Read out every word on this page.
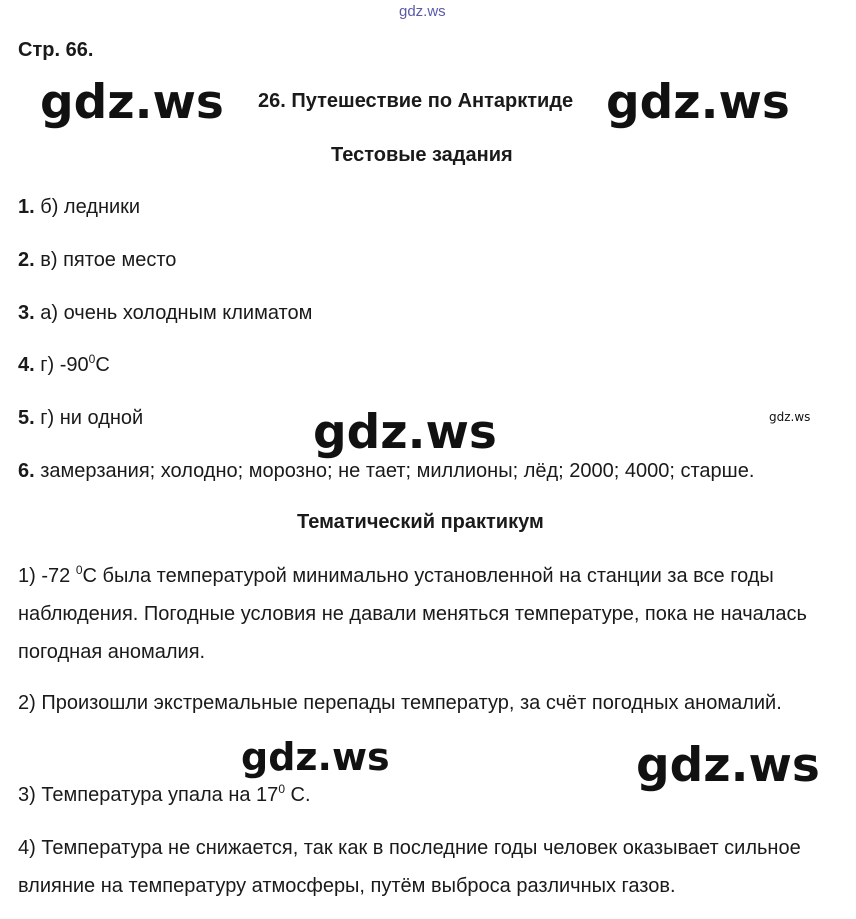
gdz.ws
Стр. 66.
26. Путешествие по Антарктиде
Тестовые задания
1. б) ледники
2. в) пятое место
3. а) очень холодным климатом
4. г) $-90^0С$
5. г) ни одной
6. замерзания; холодно; морозно; не тает; миллионы; лёд; 2000; 4000; старше.
Тематический практикум
1) -72 $^0$С была температурой минимально установленной на станции за все годы наблюдения. Погодные условия не давали меняться температуре, пока не началась погодная аномалия.
2) Произошли экстремальные перепады температур, за счёт погодных аномалий.
3) Температура упала на $17^0$ С.
4) Температура не снижается, так как в последние годы человек оказывает сильное влияние на температуру атмосферы, путём выброса различных газов.
gdz.ws	gdz.ws
gdz.ws
gdz.ws
gdz.ws
gdz.ws
